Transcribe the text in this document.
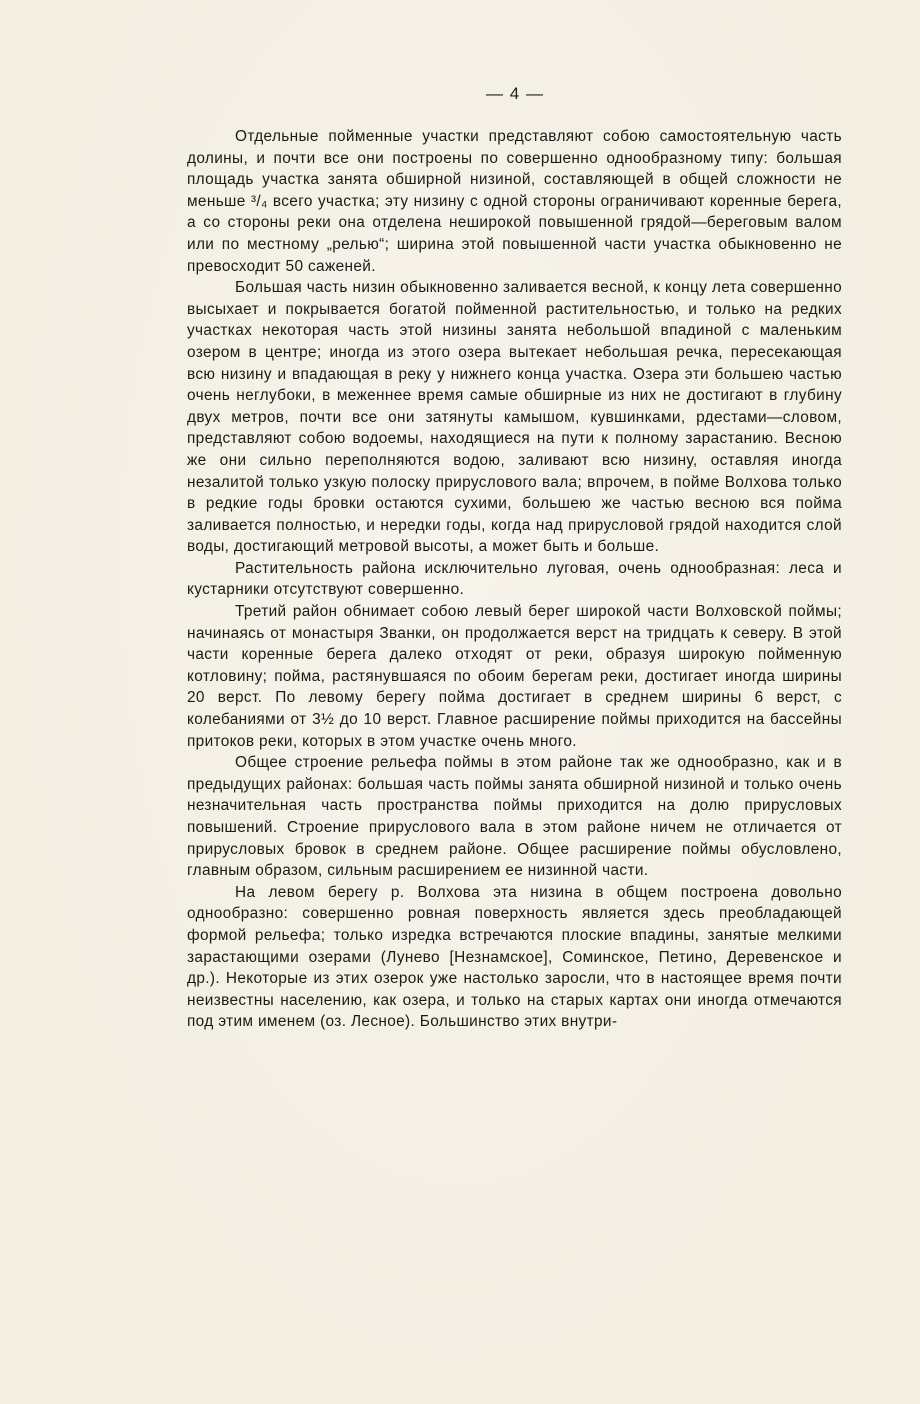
— 4 —

Отдельные пойменные участки представляют собою самостоятельную часть долины, и почти все они построены по совершенно однообразному типу: большая площадь участка занята обширной низиной, составляющей в общей сложности не меньше ³/₄ всего участка; эту низину с одной стороны ограничивают коренные берега, а со стороны реки она отделена неширокой повышенной грядой—береговым валом или по местному „релью“; ширина этой повышенной части участка обыкновенно не превосходит 50 саженей.

Большая часть низин обыкновенно заливается весной, к концу лета совершенно высыхает и покрывается богатой пойменной растительностью, и только на редких участках некоторая часть этой низины занята небольшой впадиной с маленьким озером в центре; иногда из этого озера вытекает небольшая речка, пересекающая всю низину и впадающая в реку у нижнего конца участка. Озера эти большею частью очень неглубоки, в меженнее время самые обширные из них не достигают в глубину двух метров, почти все они затянуты камышом, кувшинками, рдестами—словом, представляют собою водоемы, находящиеся на пути к полному зарастанию. Весною же они сильно переполняются водою, заливают всю низину, оставляя иногда незалитой только узкую полоску прируслового вала; впрочем, в пойме Волхова только в редкие годы бровки остаются сухими, большею же частью весною вся пойма заливается полностью, и нередки годы, когда над прирусловой грядой находится слой воды, достигающий метровой высоты, а может быть и больше.

Растительность района исключительно луговая, очень однообразная: леса и кустарники отсутствуют совершенно.

Третий район обнимает собою левый берег широкой части Волховской поймы; начинаясь от монастыря Званки, он продолжается верст на тридцать к северу. В этой части коренные берега далеко отходят от реки, образуя широкую пойменную котловину; пойма, растянувшаяся по обоим берегам реки, достигает иногда ширины 20 верст. По левому берегу пойма достигает в среднем ширины 6 верст, с колебаниями от 3½ до 10 верст. Главное расширение поймы приходится на бассейны притоков реки, которых в этом участке очень много.

Общее строение рельефа поймы в этом районе так же однообразно, как и в предыдущих районах: большая часть поймы занята обширной низиной и только очень незначительная часть пространства поймы приходится на долю прирусловых повышений. Строение прируслового вала в этом районе ничем не отличается от прирусловых бровок в среднем районе. Общее расширение поймы обусловлено, главным образом, сильным расширением ее низинной части.

На левом берегу р. Волхова эта низина в общем построена довольно однообразно: совершенно ровная поверхность является здесь преобладающей формой рельефа; только изредка встречаются плоские впадины, занятые мелкими зарастающими озерами (Лунево [Незнамское], Соминское, Петино, Деревенское и др.). Некоторые из этих озерок уже настолько заросли, что в настоящее время почти неизвестны населению, как озера, и только на старых картах они иногда отмечаются под этим именем (оз. Лесное). Большинство этих внутри-
